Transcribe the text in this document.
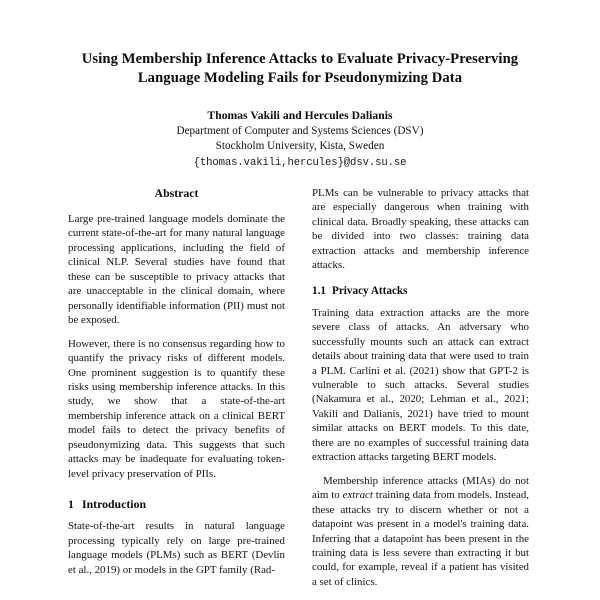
Using Membership Inference Attacks to Evaluate Privacy-Preserving Language Modeling Fails for Pseudonymizing Data
Thomas Vakili and Hercules Dalianis
Department of Computer and Systems Sciences (DSV)
Stockholm University, Kista, Sweden
{thomas.vakili,hercules}@dsv.su.se
Abstract

Large pre-trained language models dominate the current state-of-the-art for many natural language processing applications, including the field of clinical NLP. Several studies have found that these can be susceptible to privacy attacks that are unacceptable in the clinical domain, where personally identifiable information (PII) must not be exposed.

However, there is no consensus regarding how to quantify the privacy risks of different models. One prominent suggestion is to quantify these risks using membership inference attacks. In this study, we show that a state-of-the-art membership inference attack on a clinical BERT model fails to detect the privacy benefits of pseudonymizing data. This suggests that such attacks may be inadequate for evaluating token-level privacy preservation of PIIs.

1 Introduction

State-of-the-art results in natural language processing typically rely on large pre-trained language models (PLMs) such as BERT (Devlin et al., 2019) or models in the GPT family (Rad-

PLMs can be vulnerable to privacy attacks that are especially dangerous when training with clinical data. Broadly speaking, these attacks can be divided into two classes: training data extraction attacks and membership inference attacks.

1.1 Privacy Attacks

Training data extraction attacks are the more severe class of attacks. An adversary who successfully mounts such an attack can extract details about training data that were used to train a PLM. Carlini et al. (2021) show that GPT-2 is vulnerable to such attacks. Several studies (Nakamura et al., 2020; Lehman et al., 2021; Vakili and Dalianis, 2021) have tried to mount similar attacks on BERT models. To this date, there are no examples of successful training data extraction attacks targeting BERT models.

Membership inference attacks (MIAs) do not aim to extract training data from models. Instead, these attacks try to discern whether or not a datapoint was present in a model's training data. Inferring that a datapoint has been present in the training data is less severe than extracting it but could, for example, reveal if a patient has visited a set of clinics.
